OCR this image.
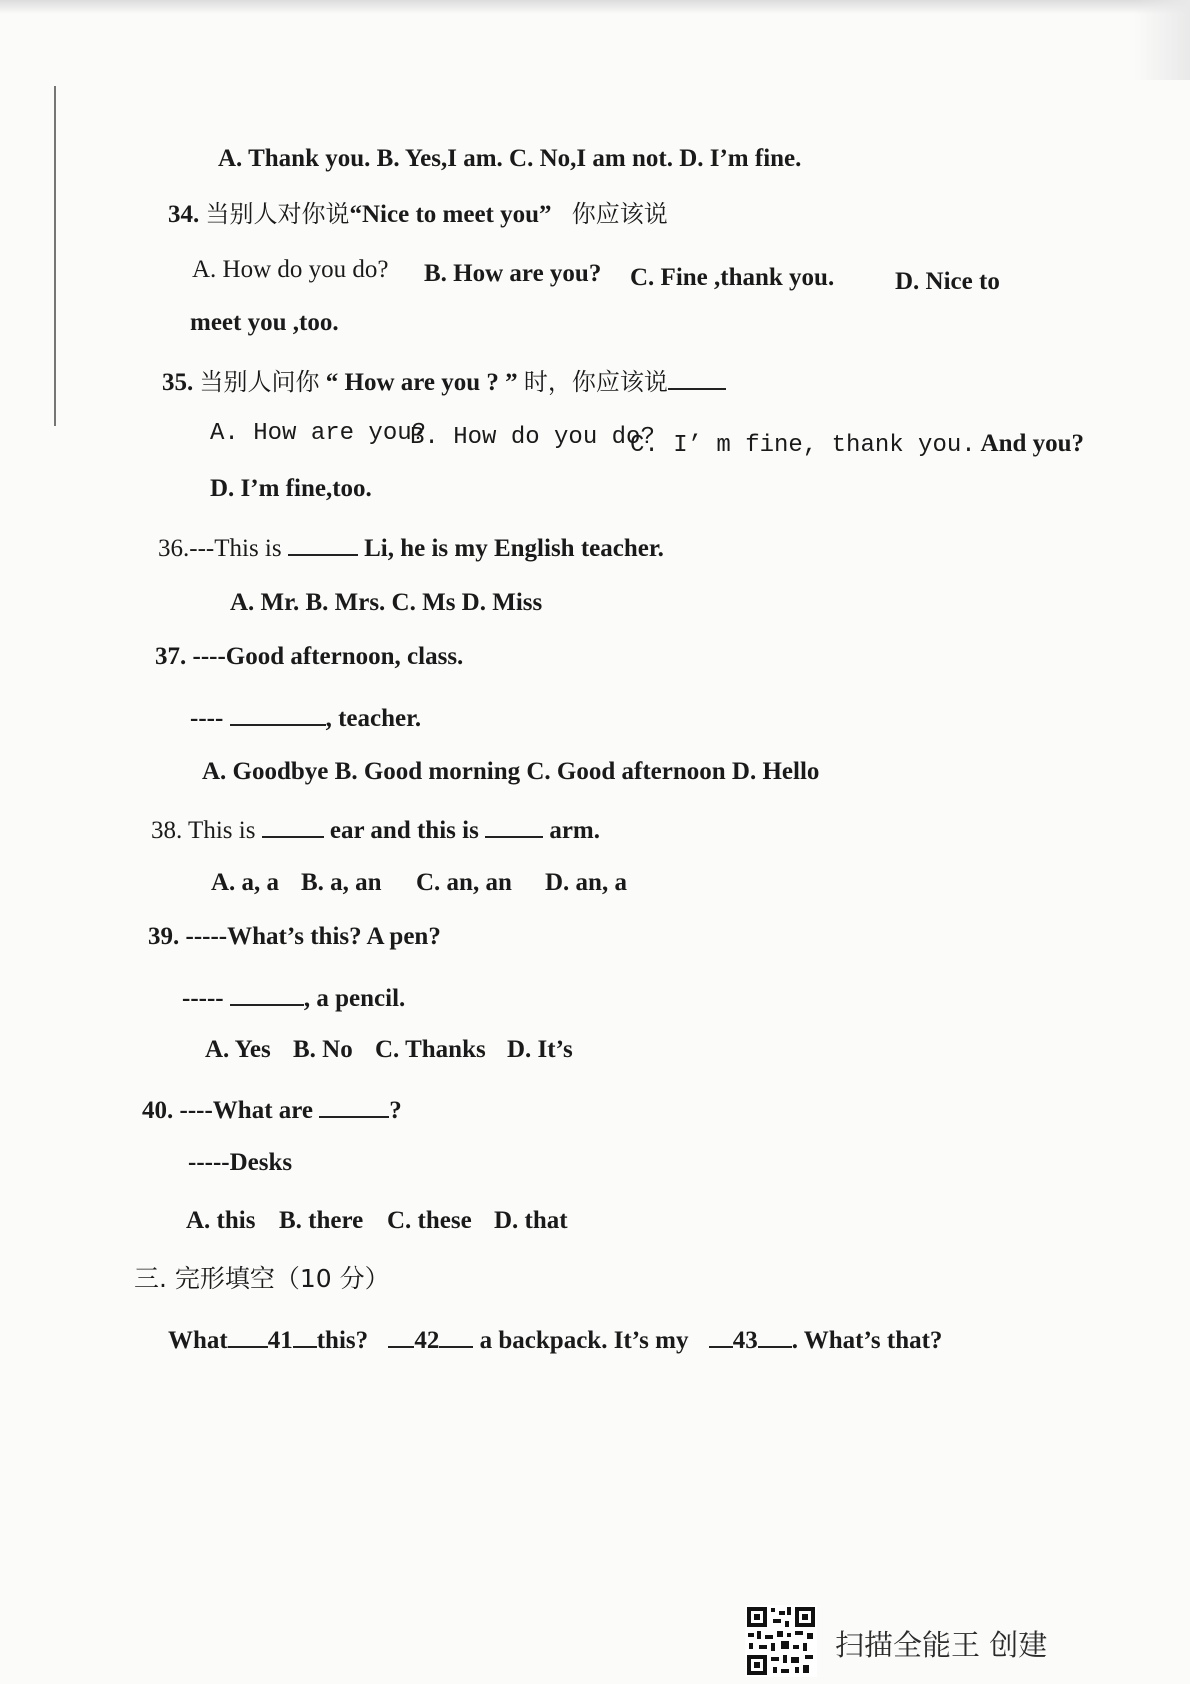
A. Thank you. B. Yes,I am. C. No,I am not. D. I’m fine.
34. 当别人对你说“Nice to meet you” 你应该说
A. How do you do? B. How are you? C. Fine ,thank you. D. Nice to
meet you ,too.
35. 当别人问你 “ How are you ? ” 时，你应该说
A. How are you?
B. How do you do?
C. I’ m fine, thank you. And you?
D. I’m fine,too.
36.---This is	Li, he is my English teacher.
A. Mr. B. Mrs. C. Ms D. Miss
37. ----Good afternoon, class.
----	, teacher.
A. Goodbye B. Good morning C. Good afternoon D. Hello
38. This is	ear and this is	arm.
A. a, a B. a, an C. an, an D. an, a
39. -----What’s this? A pen?
-----	, a pencil.
A. Yes B. No C. Thanks D. It’s
40. ----What are	?
-----Desks
A. this B. there C. these D. that
三. 完形填空（10 分）
What 41 this? 42 a backpack. It’s my 43 . What’s that?
扫描全能王 创建
